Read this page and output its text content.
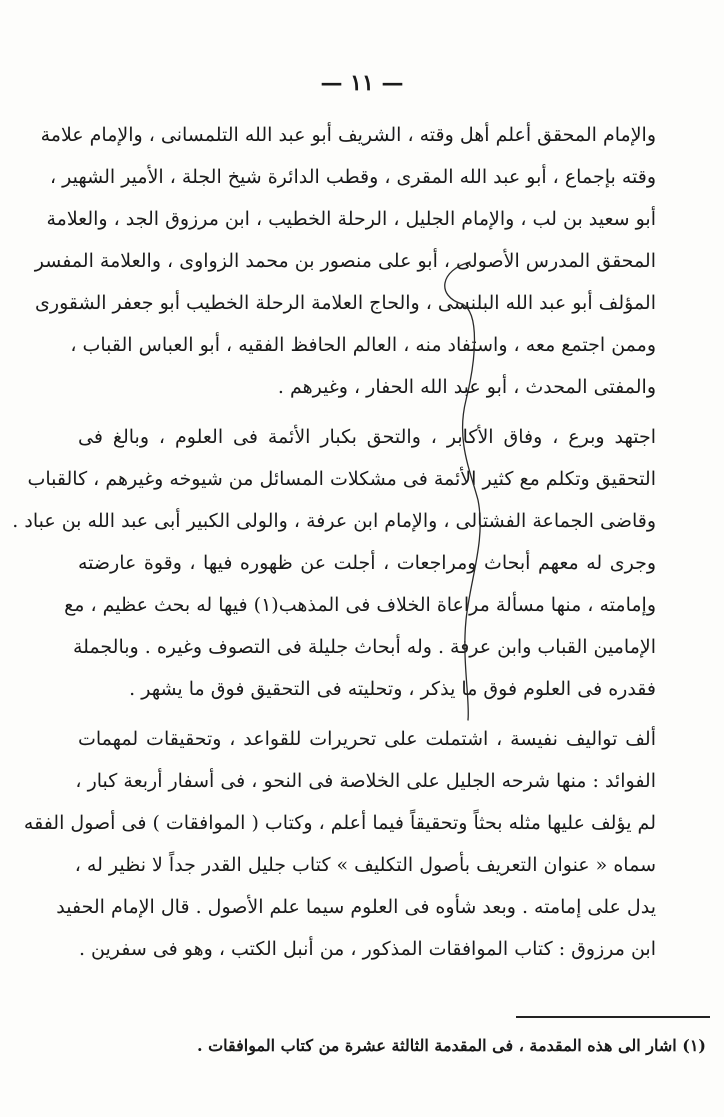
— ١١ —
والإمام المحقق أعلم أهل وقته ، الشريف أبو عبد الله التلمسانى ، والإمام علامة
وقته بإجماع ، أبو عبد الله المقرى ، وقطب الدائرة شيخ الجلة ، الأمير الشهير ،
أبو سعيد بن لب ، والإمام الجليل ، الرحلة الخطيب ، ابن مرزوق الجد ، والعلامة
المحقق المدرس الأصولى ، أبو على منصور بن محمد الزواوى ، والعلامة المفسر
المؤلف أبو عبد الله البلنسى ، والحاج العلامة الرحلة الخطيب أبو جعفر الشقورى
وممن اجتمع معه ، واستفاد منه ، العالم الحافظ الفقيه ، أبو العباس القباب ،
والمفتى المحدث ، أبو عبد الله الحفار ، وغيرهم .
اجتهد وبرع ، وفاق الأكابر ، والتحق بكبار الأئمة فى العلوم ، وبالغ فى
التحقيق وتكلم مع كثير الأئمة فى مشكلات المسائل من شيوخه وغيرهم ، كالقباب
وقاضى الجماعة الفشتالى ، والإمام ابن عرفة ، والولى الكبير أبى عبد الله بن عباد .
وجرى له معهم أبحاث ومراجعات ، أجلت عن ظهوره فيها ، وقوة عارضته
وإمامته ، منها مسألة مراعاة الخلاف فى المذهب(١) فيها له بحث عظيم ، مع
الإمامين القباب وابن عرفة . وله أبحاث جليلة فى التصوف وغيره . وبالجملة
فقدره فى العلوم فوق ما يذكر ، وتحليته فى التحقيق فوق ما يشهر .
ألف تواليف نفيسة ، اشتملت على تحريرات للقواعد ، وتحقيقات لمهمات
الفوائد : منها شرحه الجليل على الخلاصة فى النحو ، فى أسفار أربعة كبار ،
لم يؤلف عليها مثله بحثاً وتحقيقاً فيما أعلم ، وكتاب ( الموافقات ) فى أصول الفقه
سماه « عنوان التعريف بأصول التكليف » كتاب جليل القدر جداً لا نظير له ،
يدل على إمامته . وبعد شأوه فى العلوم سيما علم الأصول . قال الإمام الحفيد
ابن مرزوق : كتاب الموافقات المذكور ، من أنبل الكتب ، وهو فى سفرين .
(١) اشار الى هذه المقدمة ، فى المقدمة الثالثة عشرة من كتاب الموافقات .
